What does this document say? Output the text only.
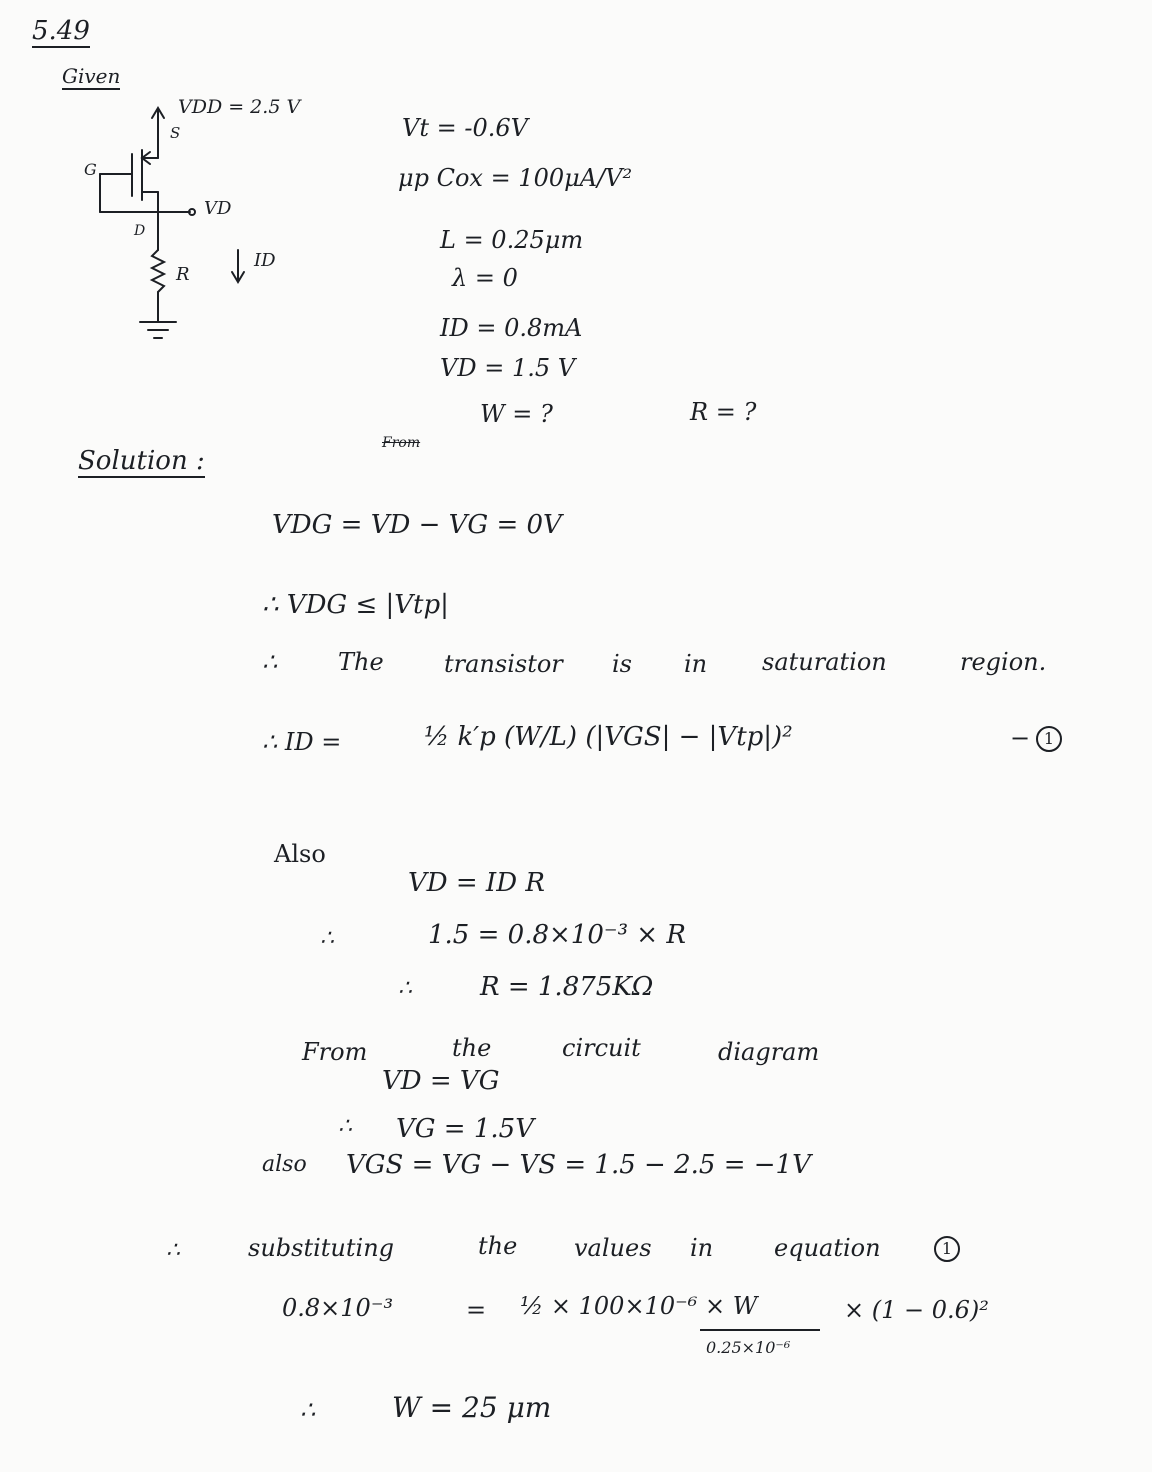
5.49
Given
VDD = 2.5 V
S
G
D
VD
ID
R
Vt = -0.6V
μp Cox = 100μA/V²
L = 0.25μm
λ = 0
ID = 0.8mA
VD = 1.5 V
W = ?	R = ?
From
Solution :
VDG = VD − VG = 0V
∴ VDG ≤ |Vtp|
∴	The	transistor is in saturation	region.
∴ ID =	½ k′p (W/L) (|VGS| − |Vtp|)²	− 1
Also
VD = ID R
∴	1.5 = 0.8×10⁻³ × R
∴	R = 1.875KΩ
From	the	circuit	diagram
VD = VG
∴ VG = 1.5V
also VGS = VG − VS = 1.5 − 2.5 = −1V
∴	substituting	the values in	equation	1
0.8×10⁻³	= ½ × 100×10⁻⁶ × W
0.25×10⁻⁶
× (1 − 0.6)²
∴	W = 25 μm
